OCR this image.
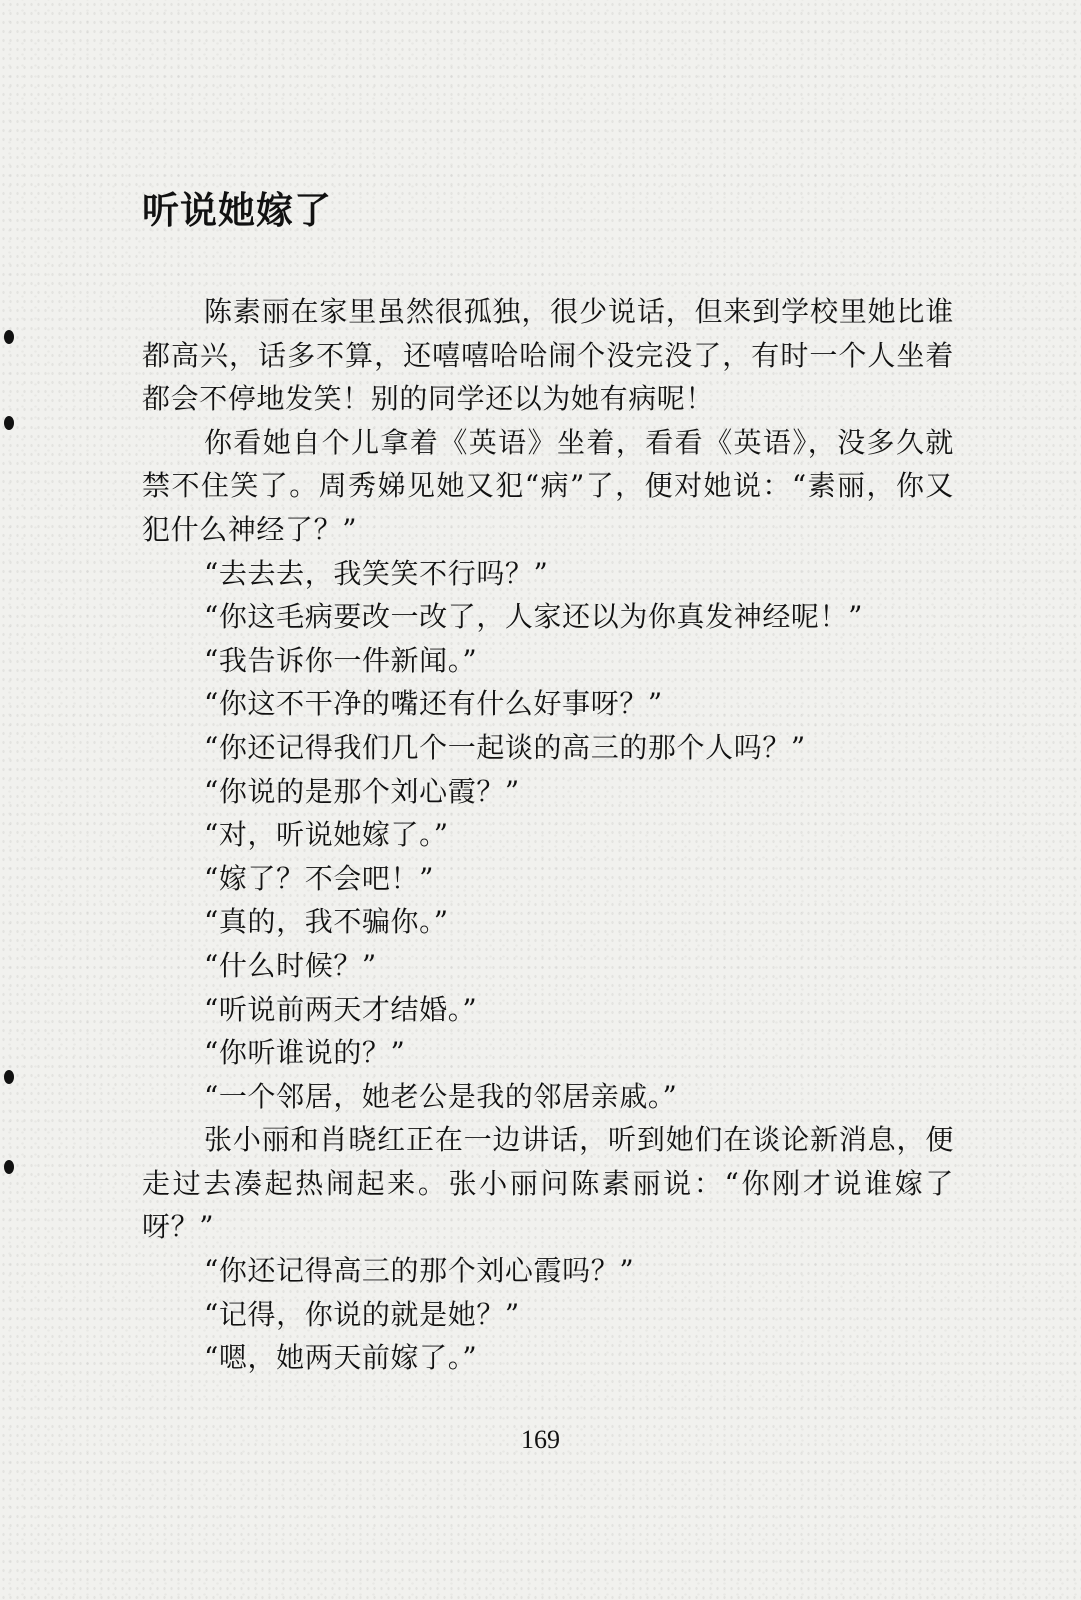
听说她嫁了

陈素丽在家里虽然很孤独，很少说话，但来到学校里她比谁都高兴，话多不算，还嘻嘻哈哈闹个没完没了，有时一个人坐着都会不停地发笑！别的同学还以为她有病呢！

你看她自个儿拿着《英语》坐着，看看《英语》，没多久就禁不住笑了。周秀娣见她又犯“病”了，便对她说：“素丽，你又犯什么神经了？”

“去去去，我笑笑不行吗？”

“你这毛病要改一改了，人家还以为你真发神经呢！”

“我告诉你一件新闻。”

“你这不干净的嘴还有什么好事呀？”

“你还记得我们几个一起谈的高三的那个人吗？”

“你说的是那个刘心霞？”

“对，听说她嫁了。”

“嫁了？不会吧！”

“真的，我不骗你。”

“什么时候？”

“听说前两天才结婚。”

“你听谁说的？”

“一个邻居，她老公是我的邻居亲戚。”

张小丽和肖晓红正在一边讲话，听到她们在谈论新消息，便走过去凑起热闹起来。张小丽问陈素丽说：“你刚才说谁嫁了呀？”

“你还记得高三的那个刘心霞吗？”

“记得，你说的就是她？”

“嗯，她两天前嫁了。”

169
